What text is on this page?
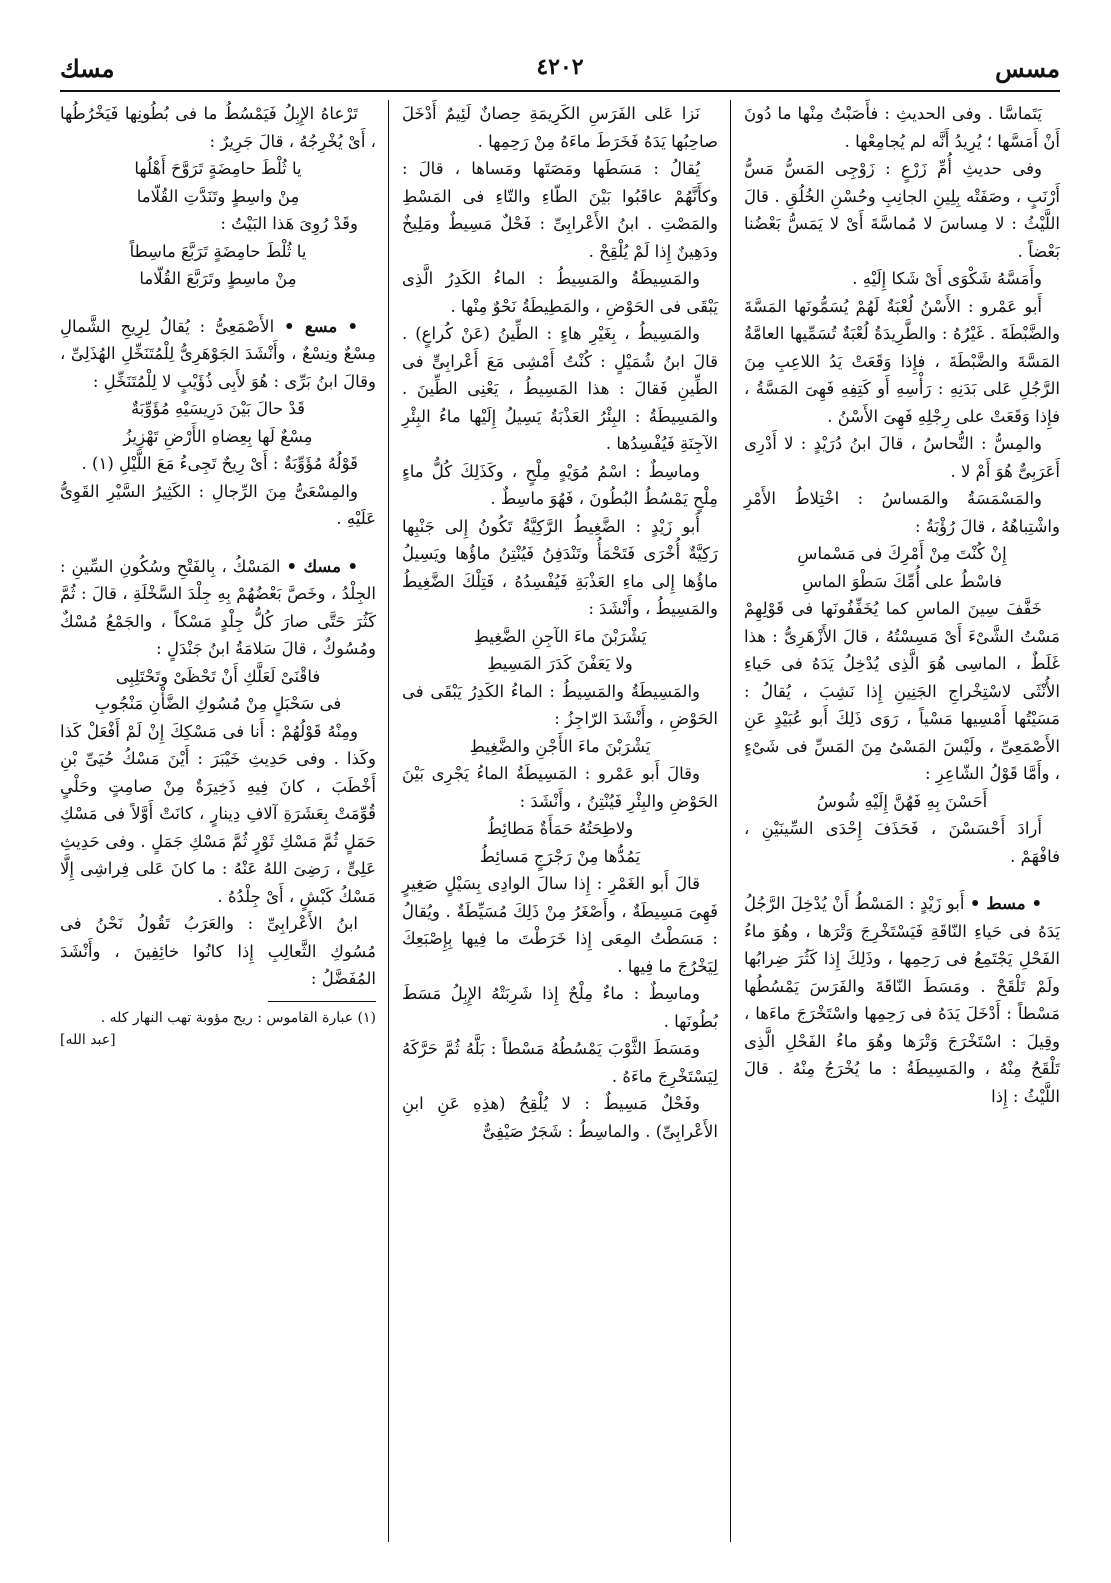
مسس
٤٢٠٢
مسك

يَتَماسَّا . وفى الحديثِ : فأَصَبْتُ مِنْها ما دُونَ أَنْ أَمَسَّها ؛ يُرِيدُ أَنَّه لم يُجامِعْها .

وفى حديثِ أُمِّ زَرْعٍ : زَوْجِى المَسُّ مَسُّ أَرْنَبٍ ، وصَفَتْه بِلِينِ الجانِبِ وحُسْنِ الخُلُقِ . قالَ اللَّيْثُ : لا مِساسَ لا مُماسَّةَ أَىْ لا يَمَسُّ بَعْضُنا بَعْضاً .

وأَمَسَّهُ شَكْوَى أَىْ شَكا إِلَيْهِ .

أَبو عَمْرو : الأَسْنُ لُعْبَةٌ لَهُمْ يُسَمُّونَها المَسَّةَ والضَّبْطَةَ . غَيْرُهُ : والطَّرِيدَةُ لُعْبَةٌ تُسَمِّيها العامَّةُ المَسَّةَ والضَّبْطَةَ ، فإِذا وَقَعَتْ يَدُ اللاعِبِ مِنَ الرَّجُلِ عَلى بَدَنِهِ : رَأْسِهِ أَو كَتِفِهِ فَهِىَ المَسَّةُ ، فإِذا وَقَعَتْ على رِجْلِهِ فَهِىَ الأَسْنُ .

والمِسُّ : النُّحاسُ ، قالَ ابنُ دُرَيْدٍ : لا أَدْرِى أَعَرَبِىٌّ هُوَ أَمْ لا .

والمَسْمَسَةُ والمَساسُ : اخْتِلاطُ الأَمْرِ واشْتِباهُهُ ، قالَ رُؤْبَةُ :

إِنْ كُنْتَ مِنْ أَمْرِكَ فى مَسْماسِ

فاسْطُ على أُمِّكَ سَطْوَ الماسِ

خَفَّفَ سِينَ الماسِ كما يُخَفِّفُونَها فى قَوْلِهِمْ مَسْتُ الشَّىْءَ أَىْ مَسِسْتُهُ ، قالَ الأَزْهَرِىُّ : هذا غَلَطٌ ، الماسِى هُوَ الَّذِى يُدْخِلُ يَدَهُ فى حَياءِ الأُنْثَى لاسْتِخْراجِ الجَنِينِ إِذا نَشِبَ ، يُقالُ : مَسَيْتُها أَمْسِيها مَسْياً ، رَوَى ذَلِكَ أَبو عُبَيْدٍ عَنِ الأَصْمَعِىِّ ، ولَيْسَ المَسْىُ مِنَ المَسِّ فى شَىْءٍ ، وأَمَّا قَوْلُ الشّاعِرِ :

أَحَسْنَ بِهِ فَهُنَّ إِلَيْهِ شُوسُ

أَرادَ أَحْسَسْنَ ، فَحَذَفَ إِحْدَى السِّينَيْنِ ، فافْهَمْ .

• مسط • أَبو زَيْدٍ : المَسْطُ أَنْ يُدْخِلَ الرَّجُلُ يَدَهُ فى حَياءِ النّاقَةِ فَيَسْتَخْرِجَ وَتْرَها ، وهُوَ ماءُ الفَحْلِ يَجْتَمِعُ فى رَحِمِها ، وذَلِكَ إِذا كَثُرَ ضِرابُها ولَمْ تَلْقَحْ . ومَسَطَ النّاقَةَ والفَرَسَ يَمْسُطُها مَسْطاً : أَدْخَلَ يَدَهُ فى رَحِمِها واسْتَخْرَجَ ماءَها ، وقِيلَ : اسْتَخْرَجَ وَتْرَها وهُوَ ماءُ الفَحْلِ الَّذِى تَلْقَحُ مِنْهُ ، والمَسِيطَةُ : ما يُخْرَجُ مِنْهُ . قالَ اللَّيْثُ : إِذا

نَزا عَلى الفَرَسِ الكَرِيمَةِ حِصانٌ لَئِيمٌ أَدْخَلَ صاحِبُها يَدَهُ فَخَرَطَ ماءَهُ مِنْ رَحِمِها .

يُقالُ : مَسَطَها ومَصَتَها ومَساها ، قالَ : وكأَنَّهُمْ عاقَبُوا بَيْنَ الطّاءِ والتّاءِ فى المَسْطِ والمَصْتِ . ابنُ الأَعْرابِىِّ : فَحْلٌ مَسِيطٌ ومَلِيخٌ ودَهِينٌ إِذا لَمْ يُلْقِحْ .

والمَسِيطَةُ والمَسِيطُ : الماءُ الكَدِرُ الَّذِى يَبْقَى فى الحَوْضِ ، والمَطِيطَةُ نَحْوٌ مِنْها .

والمَسِيطُ ، بِغَيْرِ هاءٍ : الطِّينُ (عَنْ كُراعٍ) . قالَ ابنُ شُمَيْلٍ : كُنْتُ أَمْشِى مَعَ أَعْرابِىٍّ فى الطِّينِ فَقالَ : هذا المَسِيطُ ، يَعْنِى الطِّينَ . والمَسِيطَةُ : البِئْرُ العَذْبَةُ يَسِيلُ إِلَيْها ماءُ البِئْرِ الآجِنَةِ فَيُفْسِدُها .

وماسِطٌ : اسْمُ مُوَيْهٍ مِلْحٍ ، وكَذَلِكَ كُلُّ ماءٍ مِلْحٍ يَمْسُطُ البُطُونَ ، فَهُوَ ماسِطٌ .

أَبو زَيْدٍ : الضَّغِيطُ الرَّكِيَّةُ تَكُونُ إِلى جَنْبِها رَكِيَّةٌ أُخْرَى فَتَحْمَأُ وتَنْدَفِنُ فَيُنْتِنُ ماؤُها ويَسِيلُ ماؤُها إِلى ماءِ العَذْبَةِ فَيُفْسِدُهُ ، فَتِلْكَ الضَّغِيطُ والمَسِيطُ ، وأَنْشَدَ :

يَشْرَبْنَ ماءَ الآجِنِ الضَّغِيطِ

ولا يَعَفْنَ كَدَرَ المَسِيطِ

والمَسِيطَةُ والمَسِيطُ : الماءُ الكَدِرُ يَبْقَى فى الحَوْضِ ، وأَنْشَدَ الرّاجِزُ :

يَشْرَبْنَ ماءَ الأَجْنِ والضَّغِيطِ

وقالَ أَبو عَمْرو : المَسِيطَةُ الماءُ يَجْرِى بَيْنَ الحَوْضِ والبِئْرِ فَيُنْتِنُ ، وأَنْشَدَ :

ولاطِحَتُهُ حَمَأَةٌ مَطائِطُ

يَمُدُّها مِنْ رَجْرَجٍ مَسائِطُ

قالَ أَبو الغَمْرِ : إِذا سالَ الوادِى بِسَيْلٍ صَغِيرٍ فَهِىَ مَسِيطَةٌ ، وأَصْغَرُ مِنْ ذَلِكَ مُسَيِّطَةٌ . ويُقالُ : مَسَطْتُ المِعَى إِذا خَرَطْتَ ما فِيها بِإِصْبَعِكَ لِيَخْرُجَ ما فِيها .

وماسِطٌ : ماءٌ مِلْحٌ إِذا شَرِبَتْهُ الإِبِلُ مَسَطَ بُطُونَها .

ومَسَطَ الثَّوْبَ يَمْسُطُهُ مَسْطاً : بَلَّهُ ثُمَّ حَرَّكَهُ لِيَسْتَخْرِجَ ماءَهُ .

وفَحْلٌ مَسِيطٌ : لا يُلْقِحُ (هذِهِ عَنِ ابنِ الأَعْرابِىِّ) . والماسِطُ : شَجَرٌ صَيْفِىٌّ

تَرْعاهُ الإِبِلُ فَيَمْسُطُ ما فى بُطُونِها فَيَخْرُطُها ، أَىْ يُخْرِجُهُ ، قالَ جَرِيرٌ :

يا ثُلْطَ حامِضَةٍ تَرَوَّحَ أَهْلُها

مِنْ واسِطٍ وتَنَدَّتِ القُلّاما

وقَدْ رُوِىَ هَذا البَيْتُ :

يا ثُلْطَ حامِضَةٍ تَرَبَّعَ ماسِطاً

مِنْ ماسِطٍ وتَرَبَّعَ القُلّاما

• مسع • الأَصْمَعِىُّ : يُقالُ لِرِيحِ الشَّمالِ مِسْعٌ ونِسْعٌ ، وأَنْشَدَ الجَوْهَرِىُّ لِلْمُتَنَخِّلِ الهُذَلِىِّ ، وقالَ ابنُ بَرِّى : هُوَ لأَبِى ذُؤَيْبٍ لا لِلْمُتَنَخِّلِ :

قَدْ حالَ بَيْنَ دَرِيسَيْهِ مُؤَوِّبَةٌ

مِسْعٌ لَها بِعِضاهِ الأَرْضِ تَهْزِيزُ

قَوْلُهُ مُؤَوِّبَةٌ : أَىْ رِيحٌ تَجِىءُ مَعَ اللَّيْلِ (١) .

والمِسْعَىُّ مِنَ الرِّجالِ : الكَثِيرُ السَّيْرِ القَوِىُّ عَلَيْهِ .

• مسك • المَسْكُ ، بِالفَتْحِ وسُكُونِ السِّينِ : الجِلْدُ ، وخَصَّ بَعْضُهُمْ بِهِ جِلْدَ السَّخْلَةِ ، قالَ : ثُمَّ كَثُرَ حَتَّى صارَ كُلُّ جِلْدٍ مَسْكاً ، والجَمْعُ مُسْكٌ ومُسُوكٌ ، قالَ سَلامَةُ ابنُ جَنْدَلٍ :

فاقْنَىْ لَعَلَّكِ أَنْ تَحْظَىْ وتَحْتَلِبِى

فى سَحْبَلٍ مِنْ مُسُوكِ الضَّأْنِ مَنْجُوبِ

ومِنْهُ قَوْلُهُمْ : أَنا فى مَسْكِكَ إِنْ لَمْ أَفْعَلْ كَذا وكَذا . وفى حَدِيثِ خَيْبَرَ : أَيْنَ مَسْكُ حُيَىِّ بْنِ أَخْطَبَ ، كانَ فِيهِ ذَخِيرَةٌ مِنْ صامِتٍ وحَلْىٍ قُوِّمَتْ بِعَشَرَةِ آلافِ دِينارٍ ، كانَتْ أَوَّلاً فى مَسْكِ حَمَلٍ ثُمَّ مَسْكِ ثَوْرٍ ثُمَّ مَسْكِ جَمَلٍ . وفى حَدِيثِ عَلِىٍّ ، رَضِىَ اللهُ عَنْهُ : ما كانَ عَلى فِراشِى إِلَّا مَسْكُ كَبْشٍ ، أَىْ جِلْدُهُ .

ابنُ الأَعْرابِىِّ : والعَرَبُ تَقُولُ نَحْنُ فى مُسُوكِ الثَّعالِبِ إِذا كانُوا خائِفِينَ ، وأَنْشَدَ المُفَضَّلُ :

(١) عبارة القاموس : ريح مؤوبة تهب النهار كله .

[عبد الله]
